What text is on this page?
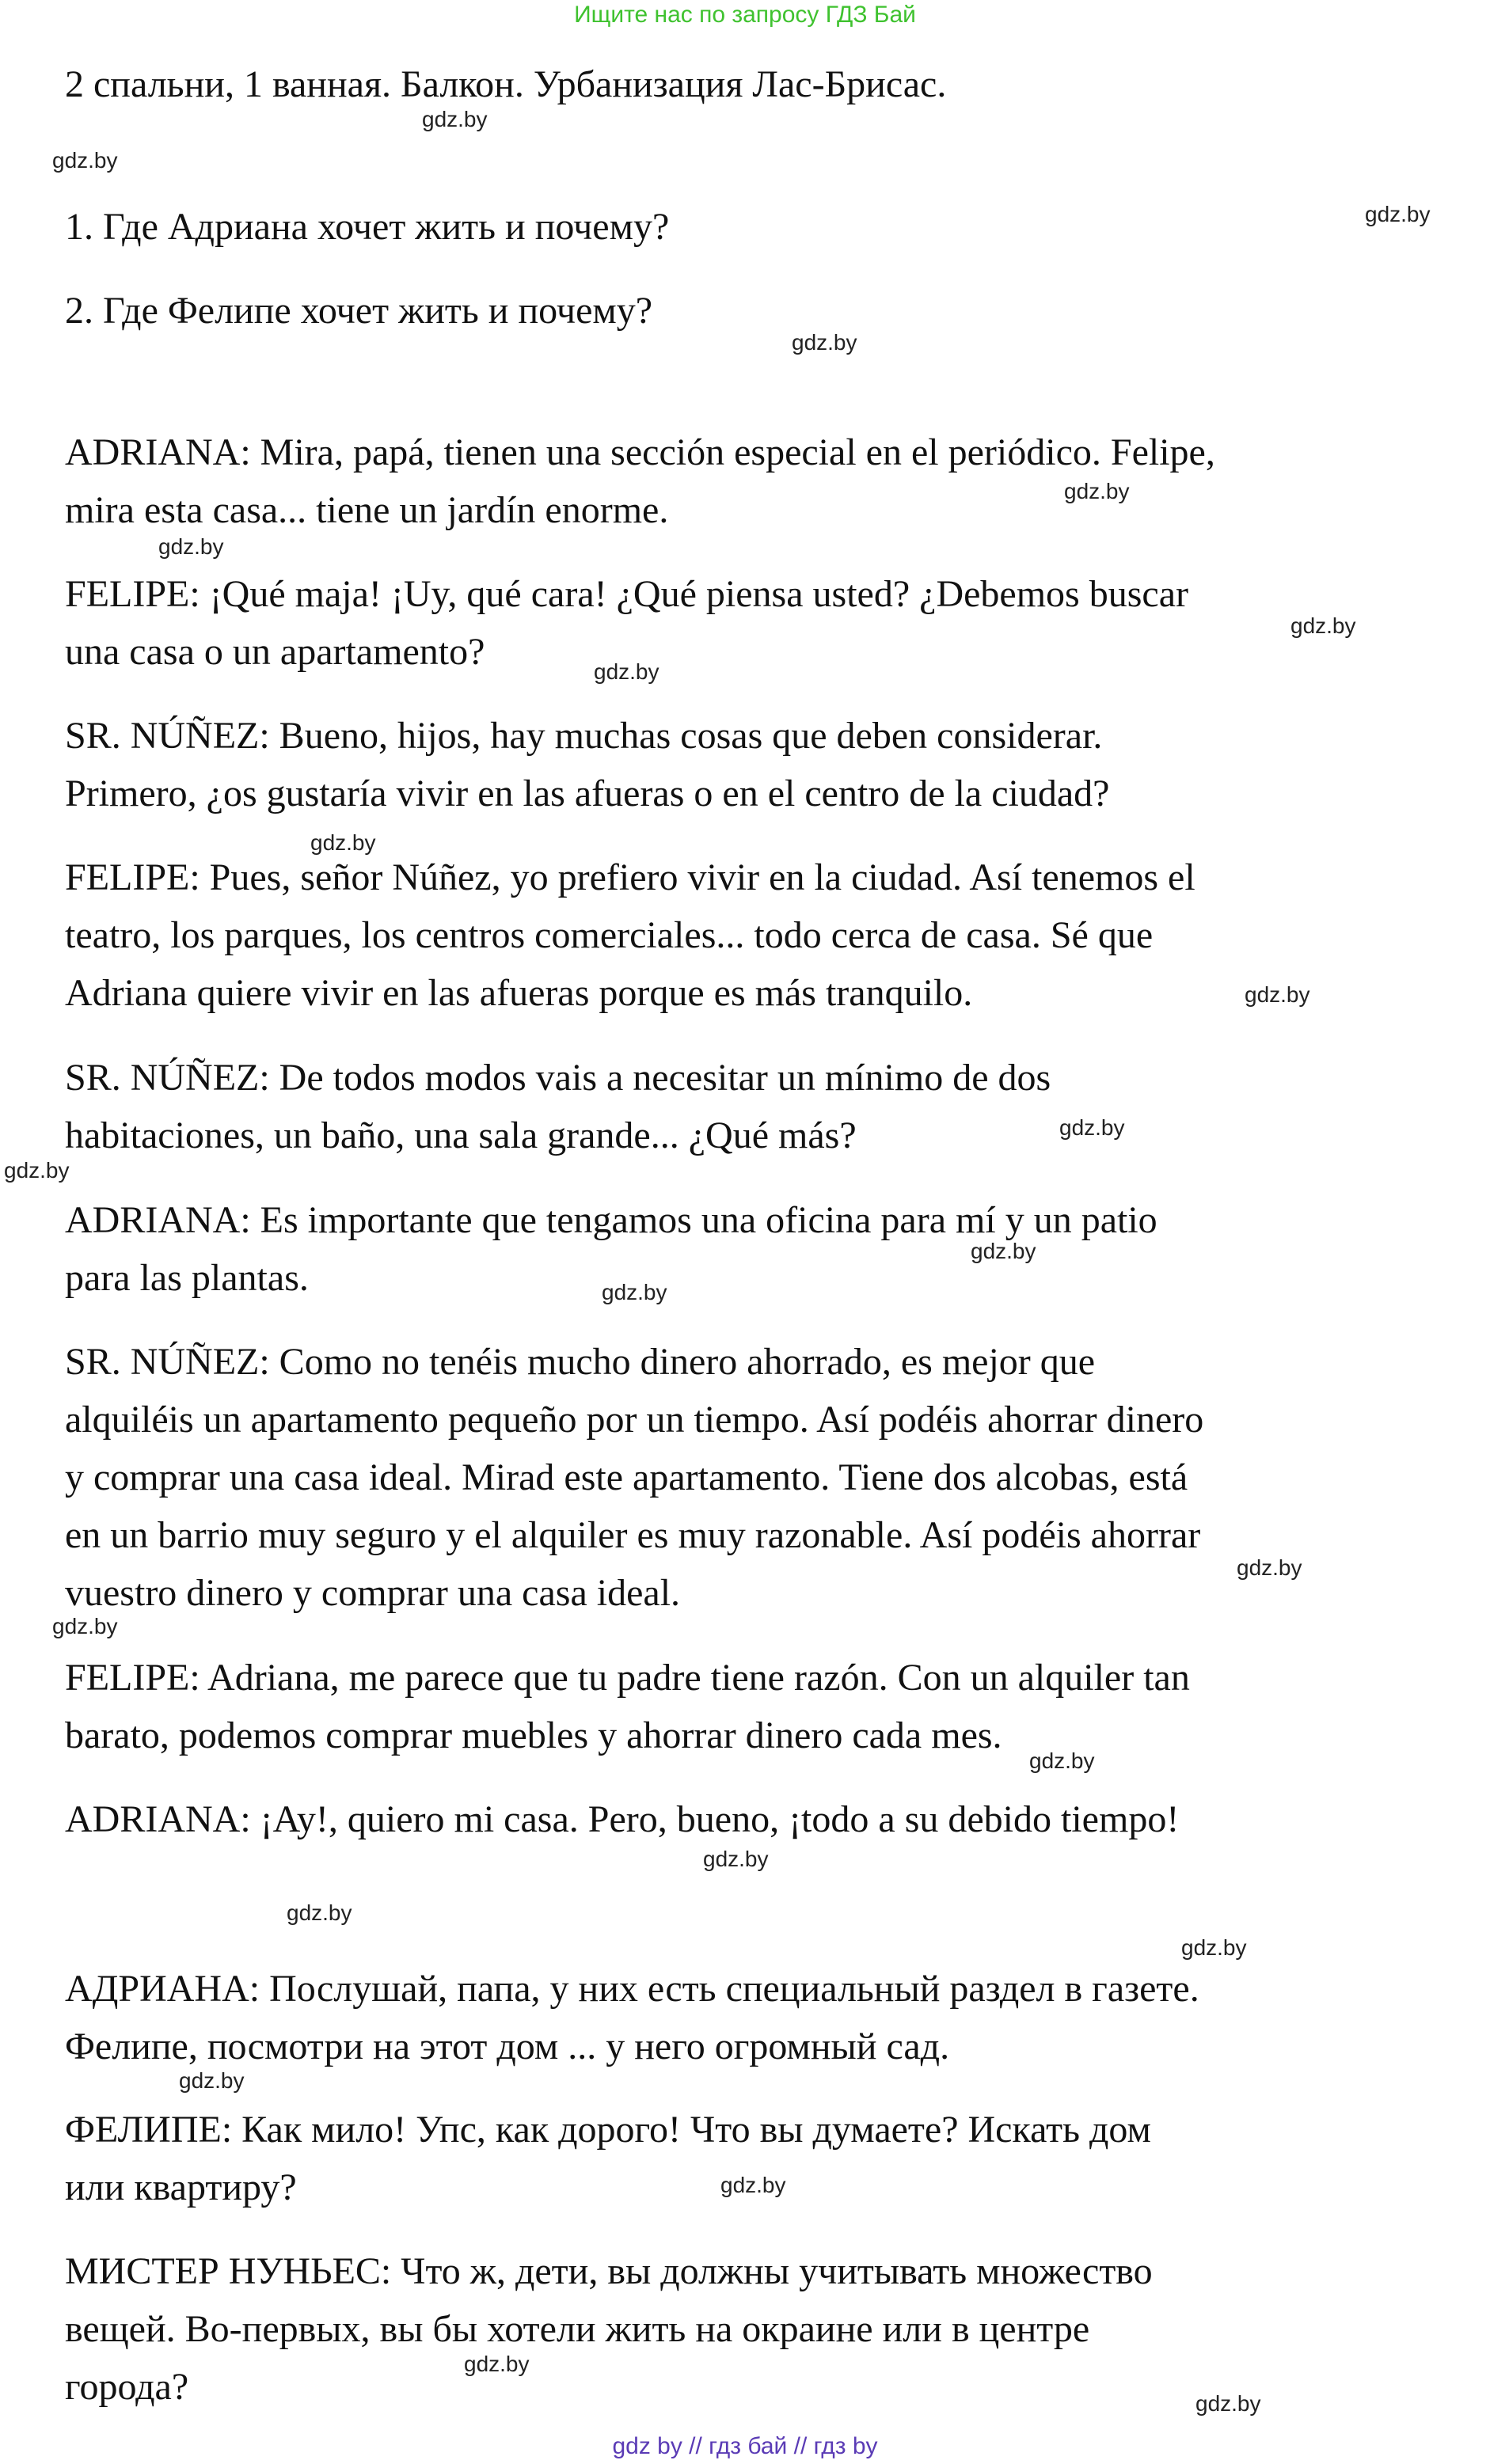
Ищите нас по запросу ГДЗ Бай

2 спальни, 1 ванная. Балкон. Урбанизация Лас-Брисас.

1. Где Адриана хочет жить и почему?

2. Где Фелипе хочет жить и почему?

ADRIANA: Mira, papá, tienen una sección especial en el periódico. Felipe,
mira esta casa... tiene un jardín enorme.

FELIPE: ¡Qué maja! ¡Uy, qué cara! ¿Qué piensa usted? ¿Debemos buscar
una casa o un apartamento?

SR. NÚÑEZ: Bueno, hijos, hay muchas cosas que deben considerar.
Primero, ¿os gustaría vivir en las afueras o en el centro de la ciudad?

FELIPE: Pues, señor Núñez, yo prefiero vivir en la ciudad. Así tenemos el
teatro, los parques, los centros comerciales... todo cerca de casa. Sé que
Adriana quiere vivir en las afueras porque es más tranquilo.

SR. NÚÑEZ: De todos modos vais a necesitar un mínimo de dos
habitaciones, un baño, una sala grande... ¿Qué más?

ADRIANA: Es importante que tengamos una oficina para mí y un patio
para las plantas.

SR. NÚÑEZ: Como no tenéis mucho dinero ahorrado, es mejor que
alquiléis un apartamento pequeño por un tiempo. Así podéis ahorrar dinero
y comprar una casa ideal. Mirad este apartamento. Tiene dos alcobas, está
en un barrio muy seguro y el alquiler es muy razonable. Así podéis ahorrar
vuestro dinero y comprar una casa ideal.

FELIPE: Adriana, me parece que tu padre tiene razón. Con un alquiler tan
barato, podemos comprar muebles y ahorrar dinero cada mes.

ADRIANA: ¡Ay!, quiero mi casa. Pero, bueno, ¡todo a su debido tiempo!

АДРИАНА: Послушай, папа, у них есть специальный раздел в газете.
Фелипе, посмотри на этот дом ... у него огромный сад.

ФЕЛИПЕ: Как мило! Упс, как дорого! Что вы думаете? Искать дом
или квартиру?

МИСТЕР НУНЬЕС: Что ж, дети, вы должны учитывать множество
вещей. Во-первых, вы бы хотели жить на окраине или в центре
города?

gdz.by
gdz.by
gdz.by
gdz.by
gdz.by
gdz.by
gdz.by
gdz.by
gdz.by
gdz.by
gdz.by
gdz.by
gdz.by
gdz.by
gdz.by
gdz.by
gdz.by
gdz.by
gdz.by
gdz.by
gdz.by
gdz.by
gdz.by
gdz.by
gdz by // гдз бай // гдз by
